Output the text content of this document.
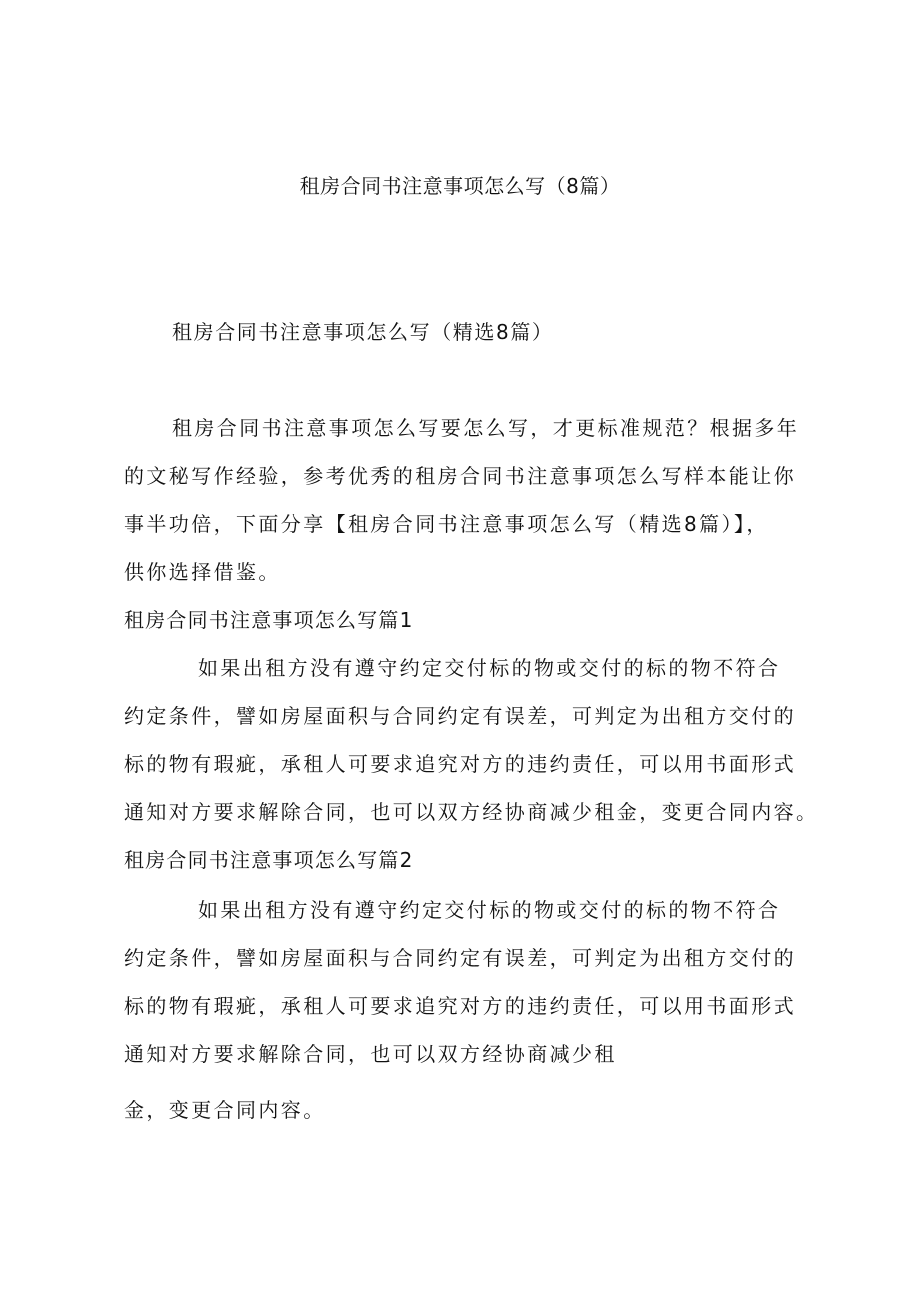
租房合同书注意事项怎么写（8篇）
租房合同书注意事项怎么写（精选8篇）
租房合同书注意事项怎么写要怎么写，才更标准规范？根据多年
的文秘写作经验，参考优秀的租房合同书注意事项怎么写样本能让你
事半功倍，下面分享【租房合同书注意事项怎么写（精选8篇）】，
供你选择借鉴。
租房合同书注意事项怎么写篇1
如果出租方没有遵守约定交付标的物或交付的标的物不符合
约定条件，譬如房屋面积与合同约定有误差，可判定为出租方交付的
标的物有瑕疵，承租人可要求追究对方的违约责任，可以用书面形式
通知对方要求解除合同，也可以双方经协商减少租金，变更合同内容。
租房合同书注意事项怎么写篇2
如果出租方没有遵守约定交付标的物或交付的标的物不符合
约定条件，譬如房屋面积与合同约定有误差，可判定为出租方交付的
标的物有瑕疵，承租人可要求追究对方的违约责任，可以用书面形式
通知对方要求解除合同，也可以双方经协商减少租
金，变更合同内容。
